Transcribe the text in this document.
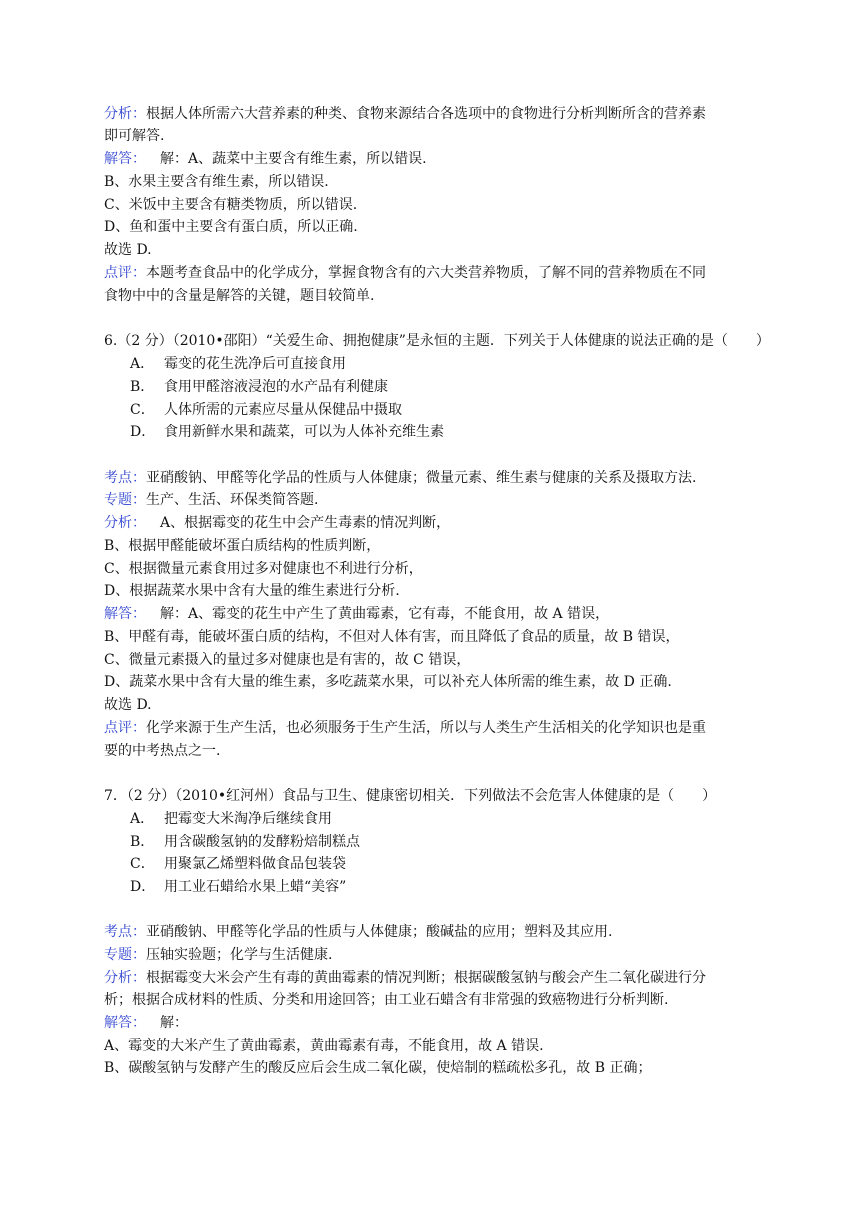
分析：根据人体所需六大营养素的种类、食物来源结合各选项中的食物进行分析判断所含的营养素
即可解答.
解答： 解：A、蔬菜中主要含有维生素，所以错误.
B、水果主要含有维生素，所以错误.
C、米饭中主要含有糖类物质，所以错误.
D、鱼和蛋中主要含有蛋白质，所以正确.
故选 D.
点评：本题考查食品中的化学成分，掌握食物含有的六大类营养物质，了解不同的营养物质在不同
食物中中的含量是解答的关键，题目较简单.
6.（2 分）（2010•邵阳）“关爱生命、拥抱健康”是永恒的主题．下列关于人体健康的说法正确的是（　　）
A． 霉变的花生洗净后可直接食用
B． 食用甲醛溶液浸泡的水产品有利健康
C． 人体所需的元素应尽量从保健品中摄取
D． 食用新鲜水果和蔬菜，可以为人体补充维生素
考点：亚硝酸钠、甲醛等化学品的性质与人体健康；微量元素、维生素与健康的关系及摄取方法.
专题：生产、生活、环保类简答题.
分析： A、根据霉变的花生中会产生毒素的情况判断，
B、根据甲醛能破坏蛋白质结构的性质判断，
C、根据微量元素食用过多对健康也不利进行分析，
D、根据蔬菜水果中含有大量的维生素进行分析.
解答： 解：A、霉变的花生中产生了黄曲霉素，它有毒，不能食用，故 A 错误，
B、甲醛有毒，能破坏蛋白质的结构，不但对人体有害，而且降低了食品的质量，故 B 错误，
C、微量元素摄入的量过多对健康也是有害的，故 C 错误，
D、蔬菜水果中含有大量的维生素，多吃蔬菜水果，可以补充人体所需的维生素，故 D 正确.
故选 D.
点评：化学来源于生产生活，也必须服务于生产生活，所以与人类生产生活相关的化学知识也是重
要的中考热点之一.
7．（2 分）（2010•红河州）食品与卫生、健康密切相关．下列做法不会危害人体健康的是（　　）
A． 把霉变大米淘净后继续食用
B． 用含碳酸氢钠的发酵粉焙制糕点
C． 用聚氯乙烯塑料做食品包装袋
D． 用工业石蜡给水果上蜡“美容”
考点：亚硝酸钠、甲醛等化学品的性质与人体健康；酸碱盐的应用；塑料及其应用.
专题：压轴实验题；化学与生活健康.
分析：根据霉变大米会产生有毒的黄曲霉素的情况判断；根据碳酸氢钠与酸会产生二氧化碳进行分
析；根据合成材料的性质、分类和用途回答；由工业石蜡含有非常强的致癌物进行分析判断.
解答： 解：
A、霉变的大米产生了黄曲霉素，黄曲霉素有毒，不能食用，故 A 错误.
B、碳酸氢钠与发酵产生的酸反应后会生成二氧化碳，使焙制的糕疏松多孔，故 B 正确；
